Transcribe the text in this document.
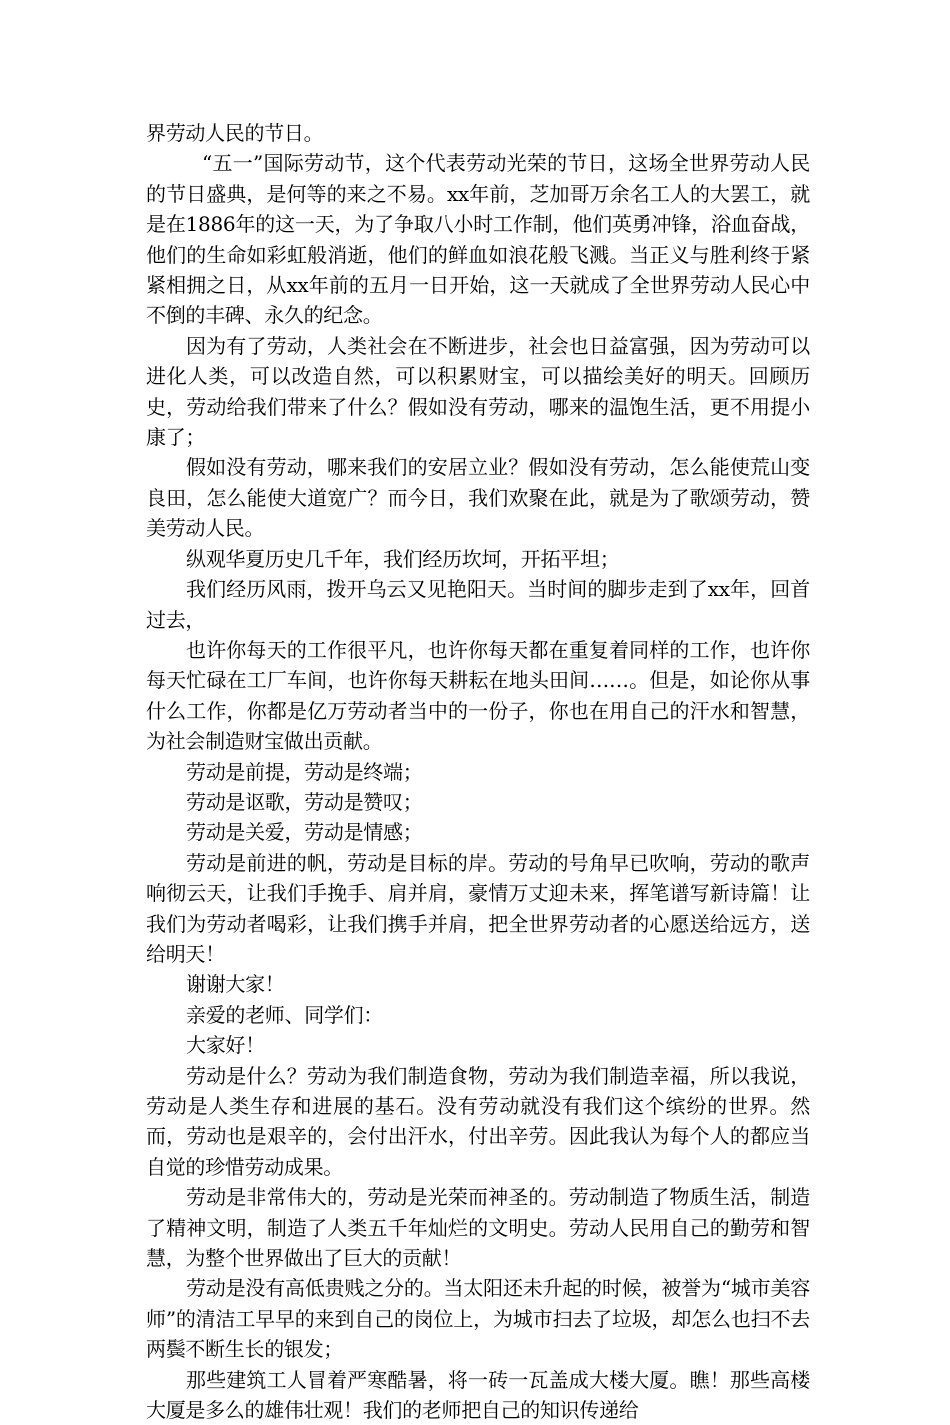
界劳动人民的节日。

“五一”国际劳动节，这个代表劳动光荣的节日，这场全世界劳动人民的节日盛典，是何等的来之不易。xx年前，芝加哥万余名工人的大罢工，就是在1886年的这一天，为了争取八小时工作制，他们英勇冲锋，浴血奋战，他们的生命如彩虹般消逝，他们的鲜血如浪花般飞溅。当正义与胜利终于紧紧相拥之日，从xx年前的五月一日开始，这一天就成了全世界劳动人民心中不倒的丰碑、永久的纪念。

因为有了劳动，人类社会在不断进步，社会也日益富强，因为劳动可以进化人类，可以改造自然，可以积累财宝，可以描绘美好的明天。回顾历史，劳动给我们带来了什么？假如没有劳动，哪来的温饱生活，更不用提小康了；

假如没有劳动，哪来我们的安居立业？假如没有劳动，怎么能使荒山变良田，怎么能使大道宽广？而今日，我们欢聚在此，就是为了歌颂劳动，赞美劳动人民。

纵观华夏历史几千年，我们经历坎坷，开拓平坦；

我们经历风雨，拨开乌云又见艳阳天。当时间的脚步走到了xx年，回首过去，

也许你每天的工作很平凡，也许你每天都在重复着同样的工作，也许你每天忙碌在工厂车间，也许你每天耕耘在地头田间……。但是，如论你从事什么工作，你都是亿万劳动者当中的一份子，你也在用自己的汗水和智慧，为社会制造财宝做出贡献。

劳动是前提，劳动是终端；

劳动是讴歌，劳动是赞叹；

劳动是关爱，劳动是情感；

劳动是前进的帆，劳动是目标的岸。劳动的号角早已吹响，劳动的歌声响彻云天，让我们手挽手、肩并肩，豪情万丈迎未来，挥笔谱写新诗篇！让我们为劳动者喝彩，让我们携手并肩，把全世界劳动者的心愿送给远方，送给明天！

谢谢大家！

亲爱的老师、同学们：

大家好！

劳动是什么？劳动为我们制造食物，劳动为我们制造幸福，所以我说，劳动是人类生存和进展的基石。没有劳动就没有我们这个缤纷的世界。然而，劳动也是艰辛的，会付出汗水，付出辛劳。因此我认为每个人的都应当自觉的珍惜劳动成果。

劳动是非常伟大的，劳动是光荣而神圣的。劳动制造了物质生活，制造了精神文明，制造了人类五千年灿烂的文明史。劳动人民用自己的勤劳和智慧，为整个世界做出了巨大的贡献！

劳动是没有高低贵贱之分的。当太阳还未升起的时候，被誉为“城市美容师”的清洁工早早的来到自己的岗位上，为城市扫去了垃圾，却怎么也扫不去两鬓不断生长的银发；

那些建筑工人冒着严寒酷暑，将一砖一瓦盖成大楼大厦。瞧！那些高楼大厦是多么的雄伟壮观！我们的老师把自己的知识传递给
